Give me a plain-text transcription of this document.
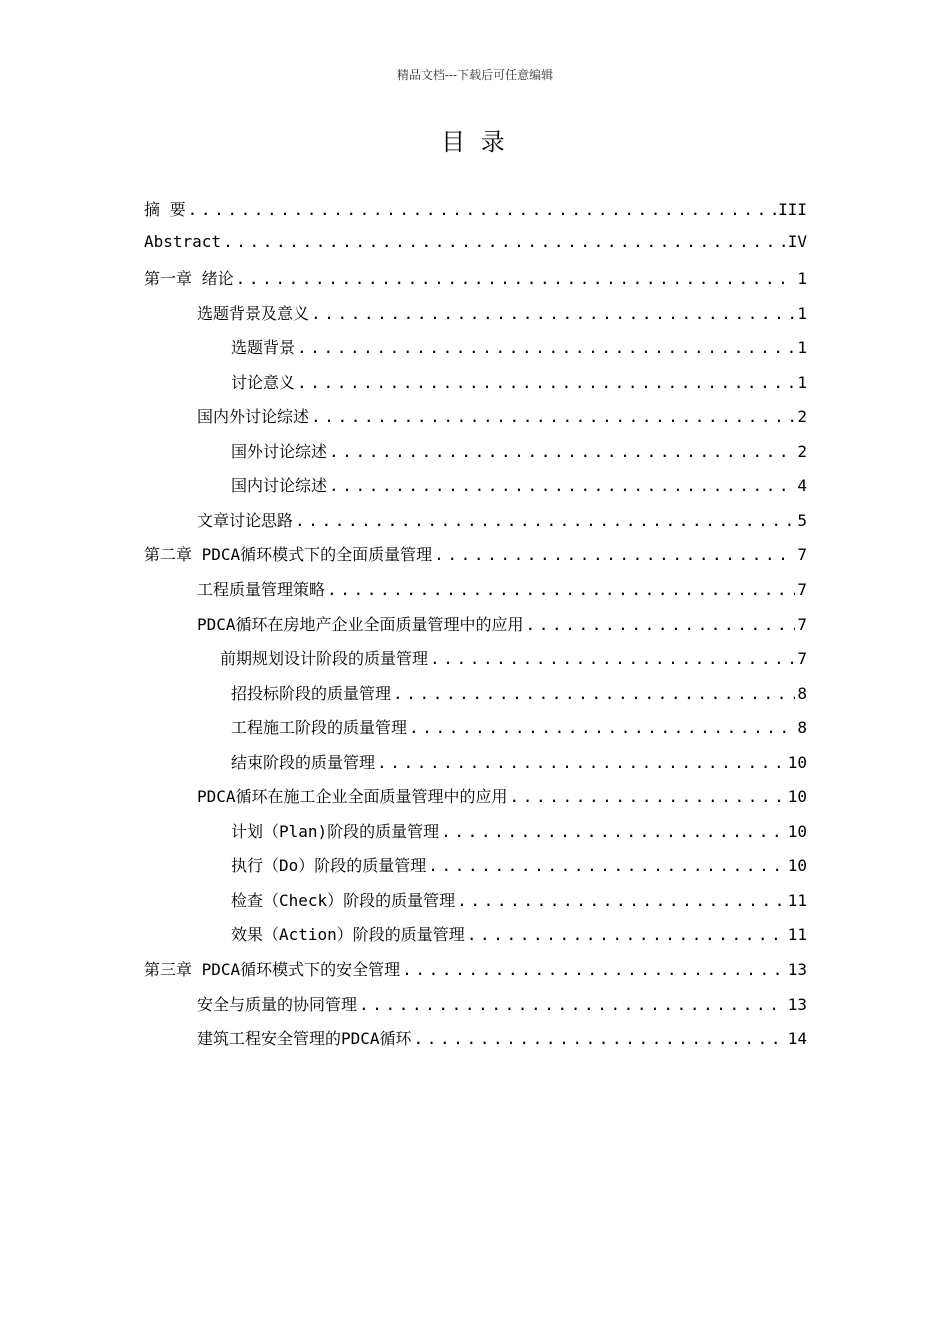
精品文档---下载后可任意编辑
目 录
摘 要 .....	III
Abstract .....	IV
第一章 绪论 .....	1
选题背景及意义 .....	1
选题背景 .....	1
讨论意义 .....	1
国内外讨论综述 .....	2
国外讨论综述 .....	2
国内讨论综述 .....	4
文章讨论思路 .....	5
第二章 PDCA循环模式下的全面质量管理 .....	7
工程质量管理策略 .....	7
PDCA循环在房地产企业全面质量管理中的应用 .....	7
前期规划设计阶段的质量管理 .....	7
招投标阶段的质量管理 .....	8
工程施工阶段的质量管理 .....	8
结束阶段的质量管理 .....	10
PDCA循环在施工企业全面质量管理中的应用 .....	10
计划（Plan)阶段的质量管理 .....	10
执行（Do）阶段的质量管理 .....	10
检查（Check）阶段的质量管理 .....	11
效果（Action）阶段的质量管理 .....	11
第三章 PDCA循环模式下的安全管理 .....	13
安全与质量的协同管理 .....	13
建筑工程安全管理的PDCA循环 .....	14
